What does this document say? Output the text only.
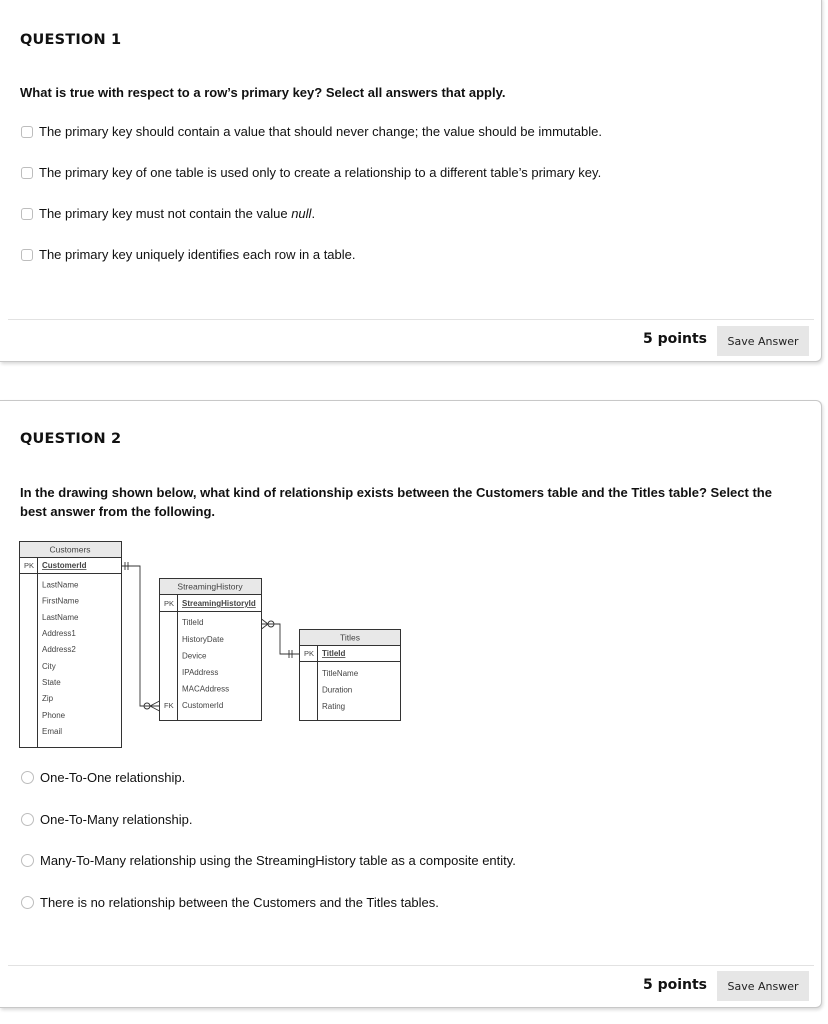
QUESTION 1
What is true with respect to a row’s primary key? Select all answers that apply.
The primary key should contain a value that should never change; the value should be immutable.
The primary key of one table is used only to create a relationship to a different table’s primary key.
The primary key must not contain the value null.
The primary key uniquely identifies each row in a table.
5 points	Save Answer
QUESTION 2
In the drawing shown below, what kind of relationship exists between the Customers table and the Titles table? Select the best answer from the following.
Customers
PK CustomerId
LastName
FirstName
LastName
Address1
Address2
City
State
Zip
Phone
Email
StreamingHistory
PK StreamingHistoryId
TitleId
HistoryDate
Device
IPAddress
MACAddress
FK CustomerId
Titles
PK TitleId
TitleName
Duration
Rating
One-To-One relationship.
One-To-Many relationship.
Many-To-Many relationship using the StreamingHistory table as a composite entity.
There is no relationship between the Customers and the Titles tables.
5 points	Save Answer
